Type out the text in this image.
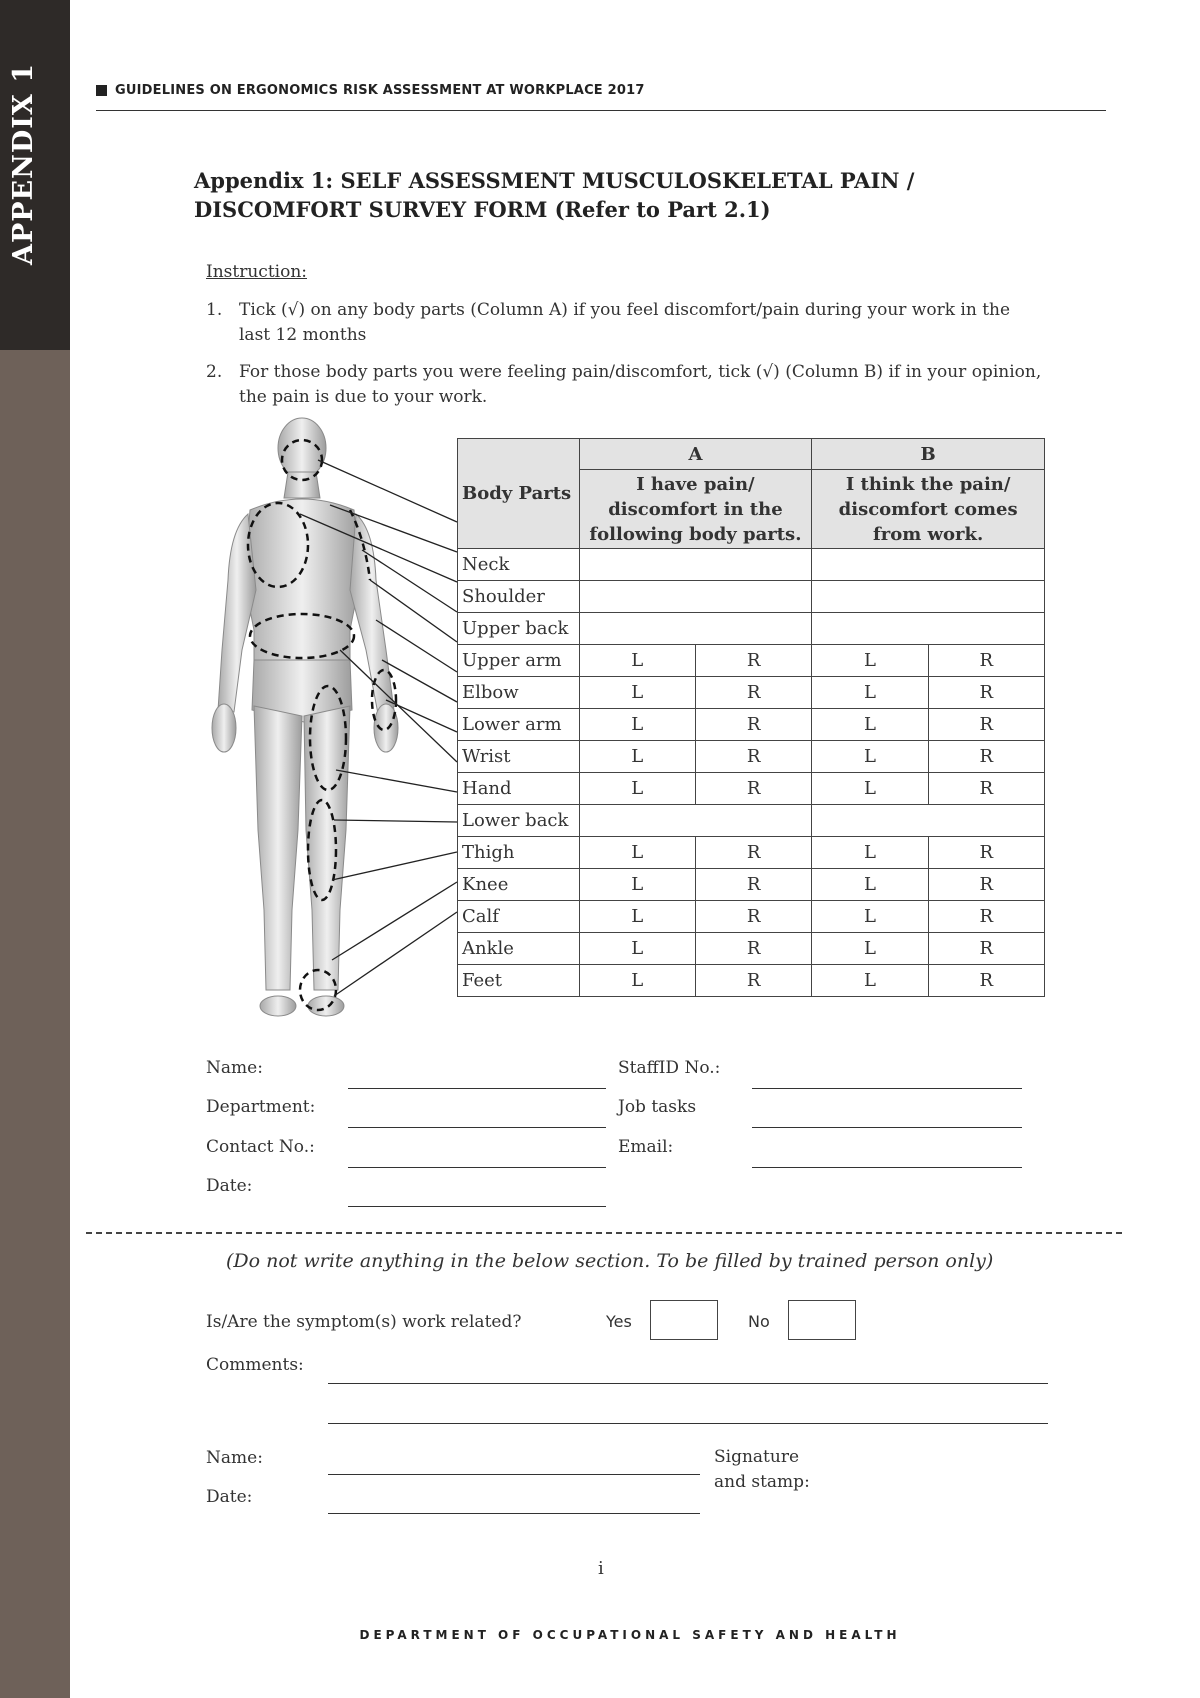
APPENDIX 1	GUIDELINES ON ERGONOMICS RISK ASSESSMENT AT WORKPLACE 2017
Appendix 1: SELF ASSESSMENT MUSCULOSKELETAL PAIN /
DISCOMFORT SURVEY FORM (Refer to Part 2.1)
Instruction:
1. Tick (√) on any body parts (Column A) if you feel discomfort/pain during your work in the last 12 months
2. For those body parts you were feeling pain/discomfort, tick (√) (Column B) if in your opinion, the pain is due to your work.
Body Parts	A		B	
	I have pain/ discomfort in the following body parts.		I think the pain/ discomfort comes from work.	
Neck				
Shoulder				
Upper back				
Upper arm	L	R	L	R
Elbow	L	R	L	R
Lower arm	L	R	L	R
Wrist	L	R	L	R
Hand	L	R	L	R
Lower back				
Thigh	L	R	L	R
Knee	L	R	L	R
Calf	L	R	L	R
Ankle	L	R	L	R
Feet	L	R	L	R
Name:
Department:
Contact No.:
Date:
StaffID No.:
Job tasks
Email:
(Do not write anything in the below section. To be filled by trained person only)
Is/Are the symptom(s) work related?	Yes	No
Comments:
Name:
Date:
Signature
and stamp:
i
DEPARTMENT OF OCCUPATIONAL SAFETY AND HEALTH
